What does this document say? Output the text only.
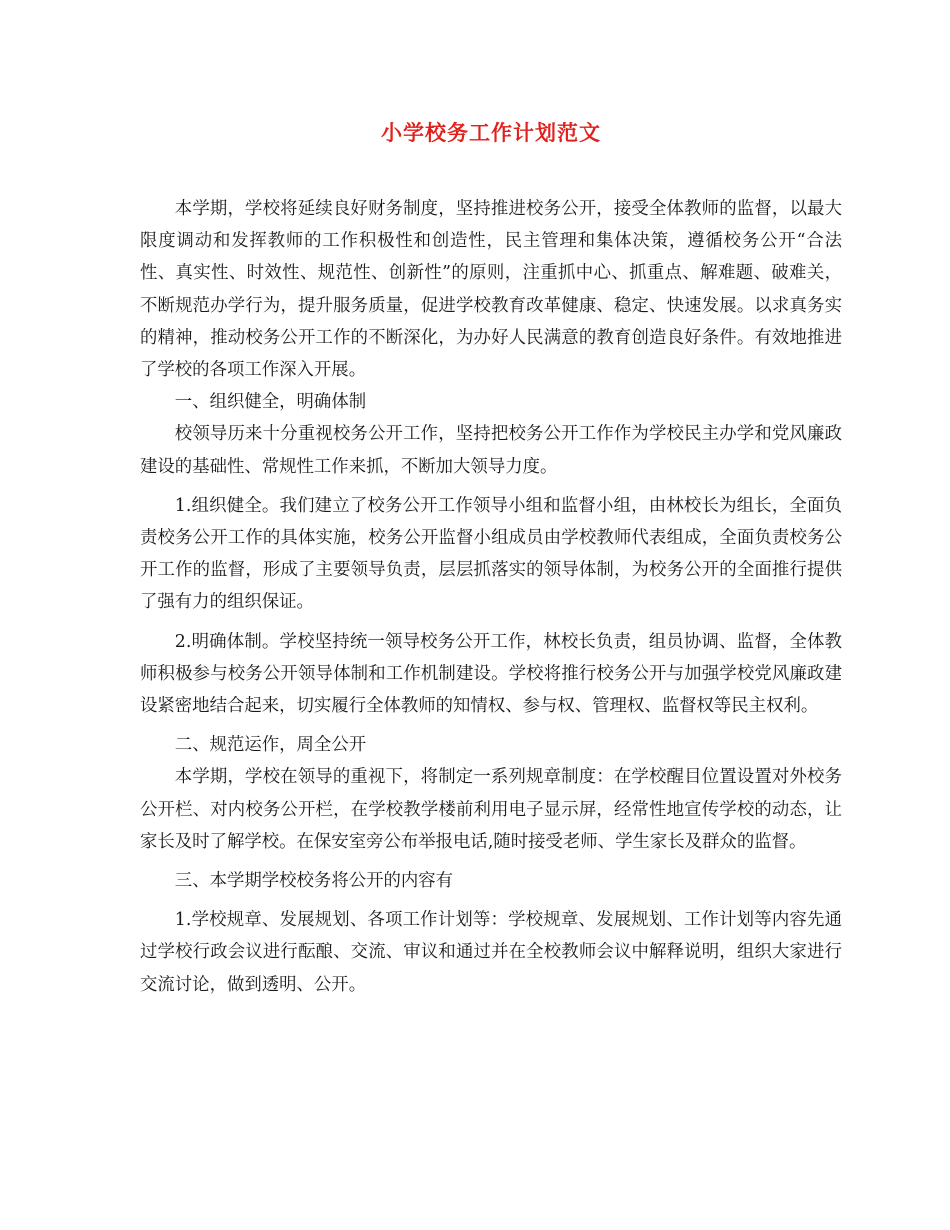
小学校务工作计划范文

本学期，学校将延续良好财务制度，坚持推进校务公开，接受全体教师的监督，以最大限度调动和发挥教师的工作积极性和创造性，民主管理和集体决策，遵循校务公开“合法性、真实性、时效性、规范性、创新性”的原则，注重抓中心、抓重点、解难题、破难关，不断规范办学行为，提升服务质量，促进学校教育改革健康、稳定、快速发展。以求真务实的精神，推动校务公开工作的不断深化，为办好人民满意的教育创造良好条件。有效地推进了学校的各项工作深入开展。

一、组织健全，明确体制

校领导历来十分重视校务公开工作，坚持把校务公开工作作为学校民主办学和党风廉政建设的基础性、常规性工作来抓，不断加大领导力度。

1.组织健全。我们建立了校务公开工作领导小组和监督小组，由林校长为组长，全面负责校务公开工作的具体实施，校务公开监督小组成员由学校教师代表组成，全面负责校务公开工作的监督，形成了主要领导负责，层层抓落实的领导体制，为校务公开的全面推行提供了强有力的组织保证。

2.明确体制。学校坚持统一领导校务公开工作，林校长负责，组员协调、监督，全体教师积极参与校务公开领导体制和工作机制建设。学校将推行校务公开与加强学校党风廉政建设紧密地结合起来，切实履行全体教师的知情权、参与权、管理权、监督权等民主权利。

二、规范运作，周全公开

本学期，学校在领导的重视下，将制定一系列规章制度：在学校醒目位置设置对外校务公开栏、对内校务公开栏，在学校教学楼前利用电子显示屏，经常性地宣传学校的动态，让家长及时了解学校。在保安室旁公布举报电话,随时接受老师、学生家长及群众的监督。

三、本学期学校校务将公开的内容有

1.学校规章、发展规划、各项工作计划等：学校规章、发展规划、工作计划等内容先通过学校行政会议进行酝酿、交流、审议和通过并在全校教师会议中解释说明，组织大家进行交流讨论，做到透明、公开。
